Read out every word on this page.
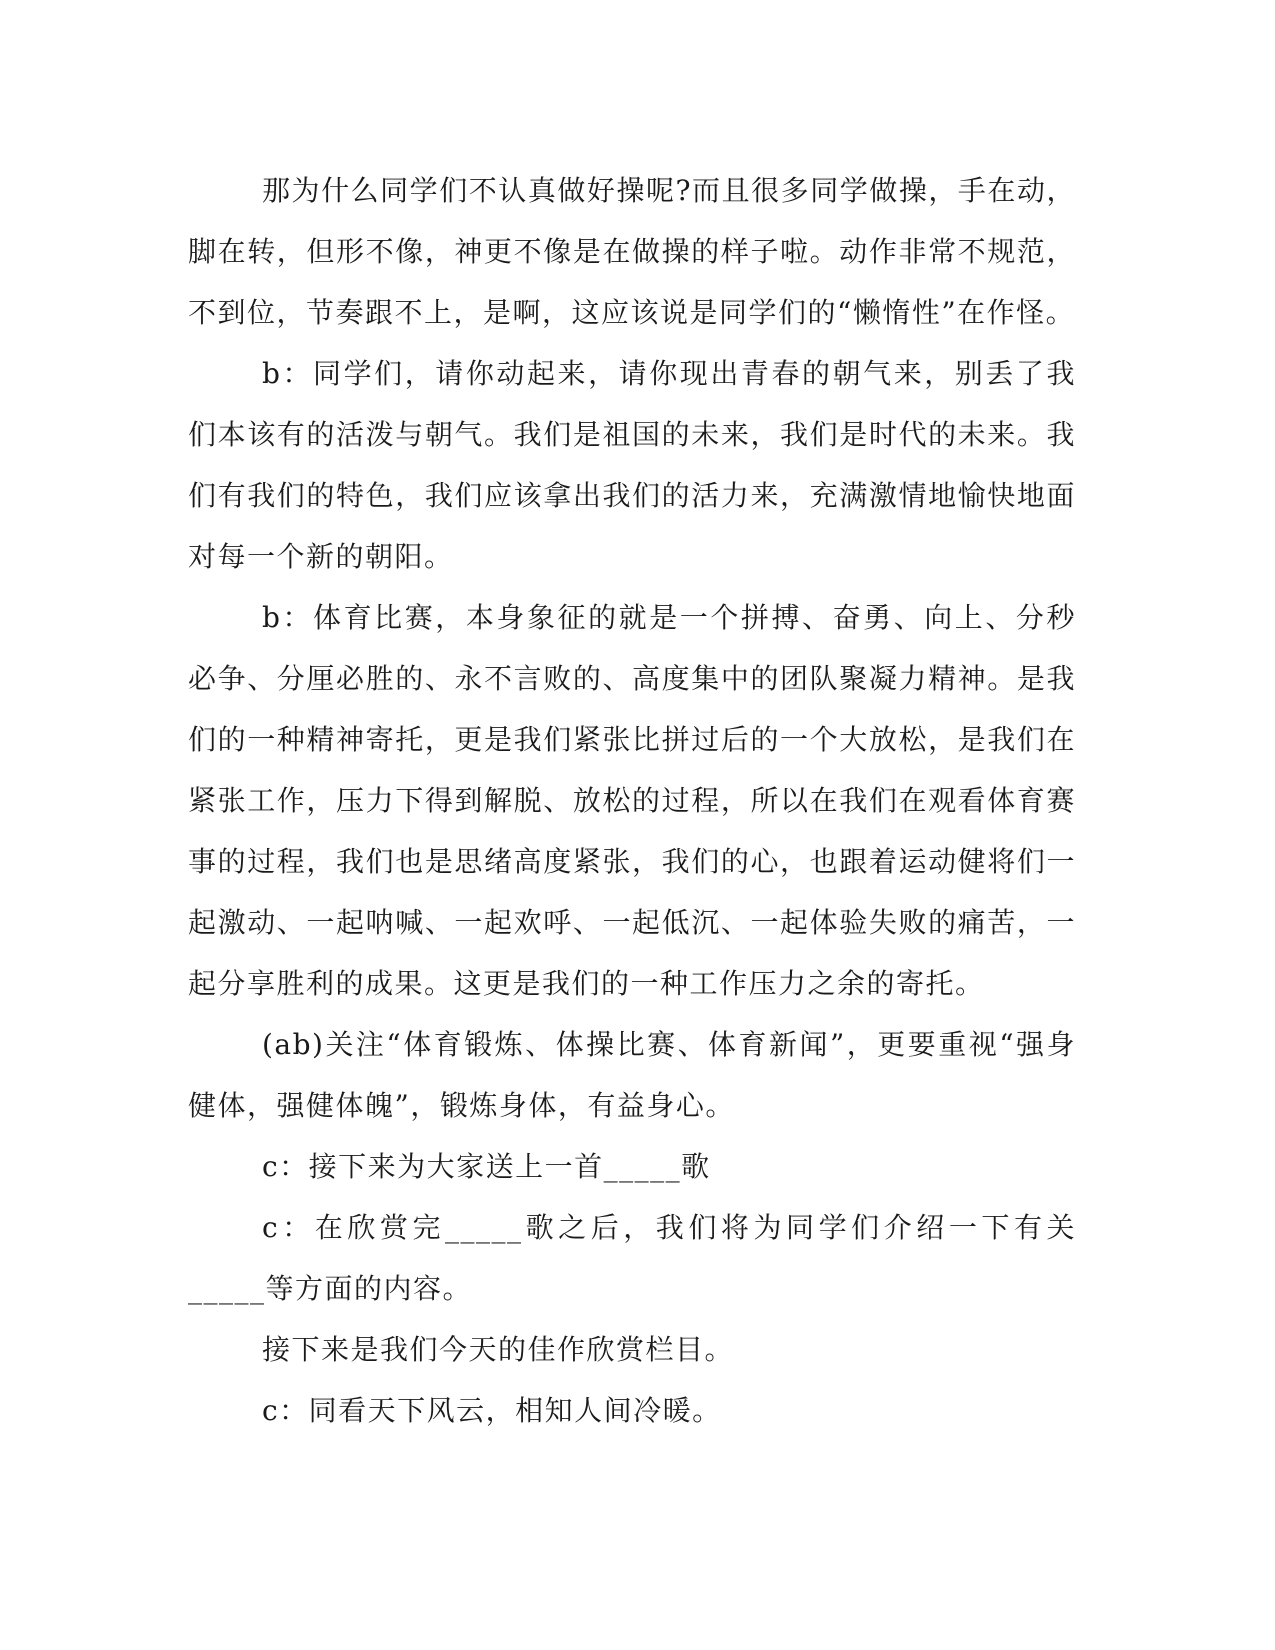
那为什么同学们不认真做好操呢?而且很多同学做操，手在动，脚在转，但形不像，神更不像是在做操的样子啦。动作非常不规范，不到位，节奏跟不上，是啊，这应该说是同学们的“懒惰性”在作怪。

b：同学们，请你动起来，请你现出青春的朝气来，别丢了我们本该有的活泼与朝气。我们是祖国的未来，我们是时代的未来。我们有我们的特色，我们应该拿出我们的活力来，充满激情地愉快地面对每一个新的朝阳。

b：体育比赛，本身象征的就是一个拼搏、奋勇、向上、分秒必争、分厘必胜的、永不言败的、高度集中的团队聚凝力精神。是我们的一种精神寄托，更是我们紧张比拼过后的一个大放松，是我们在紧张工作，压力下得到解脱、放松的过程，所以在我们在观看体育赛事的过程，我们也是思绪高度紧张，我们的心，也跟着运动健将们一起激动、一起呐喊、一起欢呼、一起低沉、一起体验失败的痛苦，一起分享胜利的成果。这更是我们的一种工作压力之余的寄托。

(ab)关注“体育锻炼、体操比赛、体育新闻”，更要重视“强身健体，强健体魄”，锻炼身体，有益身心。

c：接下来为大家送上一首_____歌

c：在欣赏完_____歌之后，我们将为同学们介绍一下有关_____等方面的内容。

接下来是我们今天的佳作欣赏栏目。

c：同看天下风云，相知人间冷暖。
